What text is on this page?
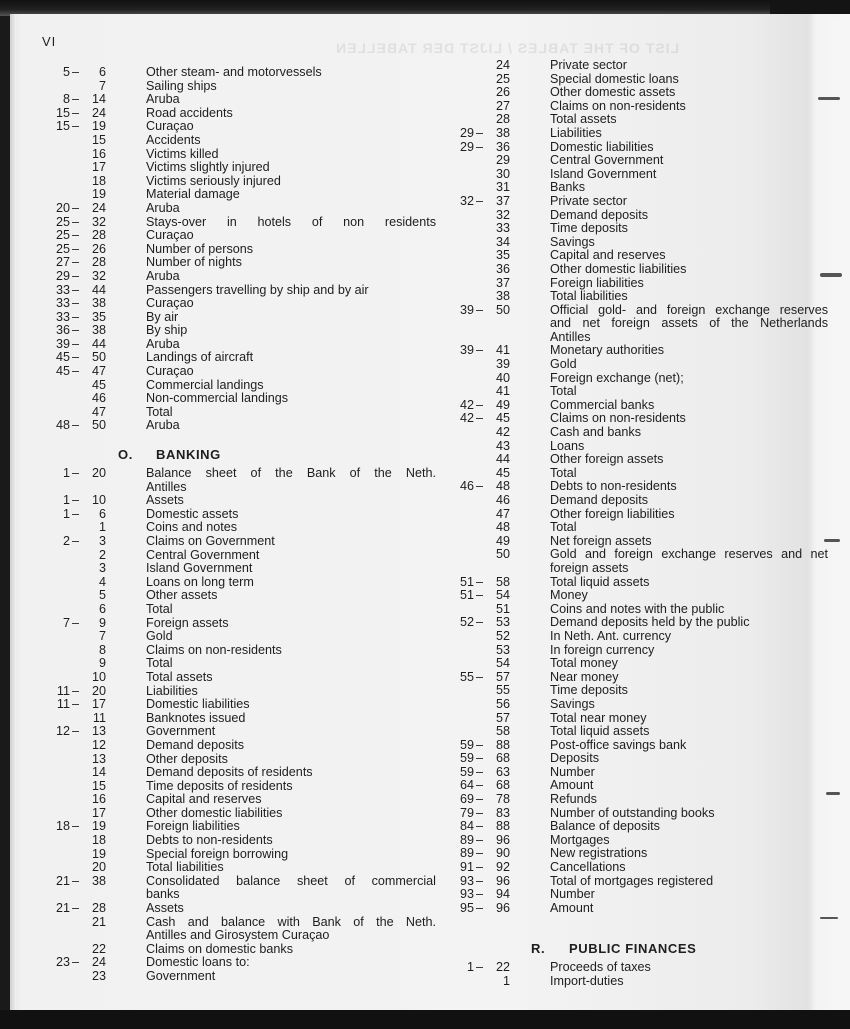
LIST OF THE TABLES / LIJST DER TABELLEN
VI
5 –	6	Other steam- and motorvessels
7	Sailing ships
8 –	14	Aruba
15 –	24	Road accidents
15 –	19	Curaçao
15	Accidents
16	Victims killed
17	Victims slightly injured
18	Victims seriously injured
19	Material damage
20 –	24	Aruba
25 –	32	Stays-over in hotels of non residents
25 –	28	Curaçao
25 –	26	Number of persons
27 –	28	Number of nights
29 –	32	Aruba
33 –	44	Passengers travelling by ship and by air
33 –	38	Curaçao
33 –	35	By air
36 –	38	By ship
39 –	44	Aruba
45 –	50	Landings of aircraft
45 –	47	Curaçao
45	Commercial landings
46	Non-commercial landings
47	Total
48 –	50	Aruba
O.	BANKING
1 –	20	Balance sheet of the Bank of the Neth.
Antilles
1 –	10	Assets
1 –	6	Domestic assets
1	Coins and notes
2 –	3	Claims on Government
2	Central Government
3	Island Government
4	Loans on long term
5	Other assets
6	Total
7 –	9	Foreign assets
7	Gold
8	Claims on non-residents
9	Total
10	Total assets
11 –	20	Liabilities
11 –	17	Domestic liabilities
11	Banknotes issued
12 –	13	Government
12	Demand deposits
13	Other deposits
14	Demand deposits of residents
15	Time deposits of residents
16	Capital and reserves
17	Other domestic liabilities
18 –	19	Foreign liabilities
18	Debts to non-residents
19	Special foreign borrowing
20	Total liabilities
21 –	38	Consolidated balance sheet of commercial
banks
21 –	28	Assets
21	Cash and balance with Bank of the Neth.
Antilles and Girosystem Curaçao
22	Claims on domestic banks
23 –	24	Domestic loans to:
23	Government
24	Private sector
25	Special domestic loans
26	Other domestic assets
27	Claims on non-residents
28	Total assets
29 –	38	Liabilities
29 –	36	Domestic liabilities
29	Central Government
30	Island Government
31	Banks
32 –	37	Private sector
32	Demand deposits
33	Time deposits
34	Savings
35	Capital and reserves
36	Other domestic liabilities
37	Foreign liabilities
38	Total liabilities
39 –	50	Official gold- and foreign exchange reserves
and net foreign assets of the Netherlands
Antilles
39 –	41	Monetary authorities
39	Gold
40	Foreign exchange (net);
41	Total
42 –	49	Commercial banks
42 –	45	Claims on non-residents
42	Cash and banks
43	Loans
44	Other foreign assets
45	Total
46 –	48	Debts to non-residents
46	Demand deposits
47	Other foreign liabilities
48	Total
49	Net foreign assets
50	Gold and foreign exchange reserves and net
foreign assets
51 –	58	Total liquid assets
51 –	54	Money
51	Coins and notes with the public
52 –	53	Demand deposits held by the public
52	In Neth. Ant. currency
53	In foreign currency
54	Total money
55 –	57	Near money
55	Time deposits
56	Savings
57	Total near money
58	Total liquid assets
59 –	88	Post-office savings bank
59 –	68	Deposits
59 –	63	Number
64 –	68	Amount
69 –	78	Refunds
79 –	83	Number of outstanding books
84 –	88	Balance of deposits
89 –	96	Mortgages
89 –	90	New registrations
91 –	92	Cancellations
93 –	96	Total of mortgages registered
93 –	94	Number
95 –	96	Amount
R.	PUBLIC FINANCES
1 –	22	Proceeds of taxes
1	Import-duties
